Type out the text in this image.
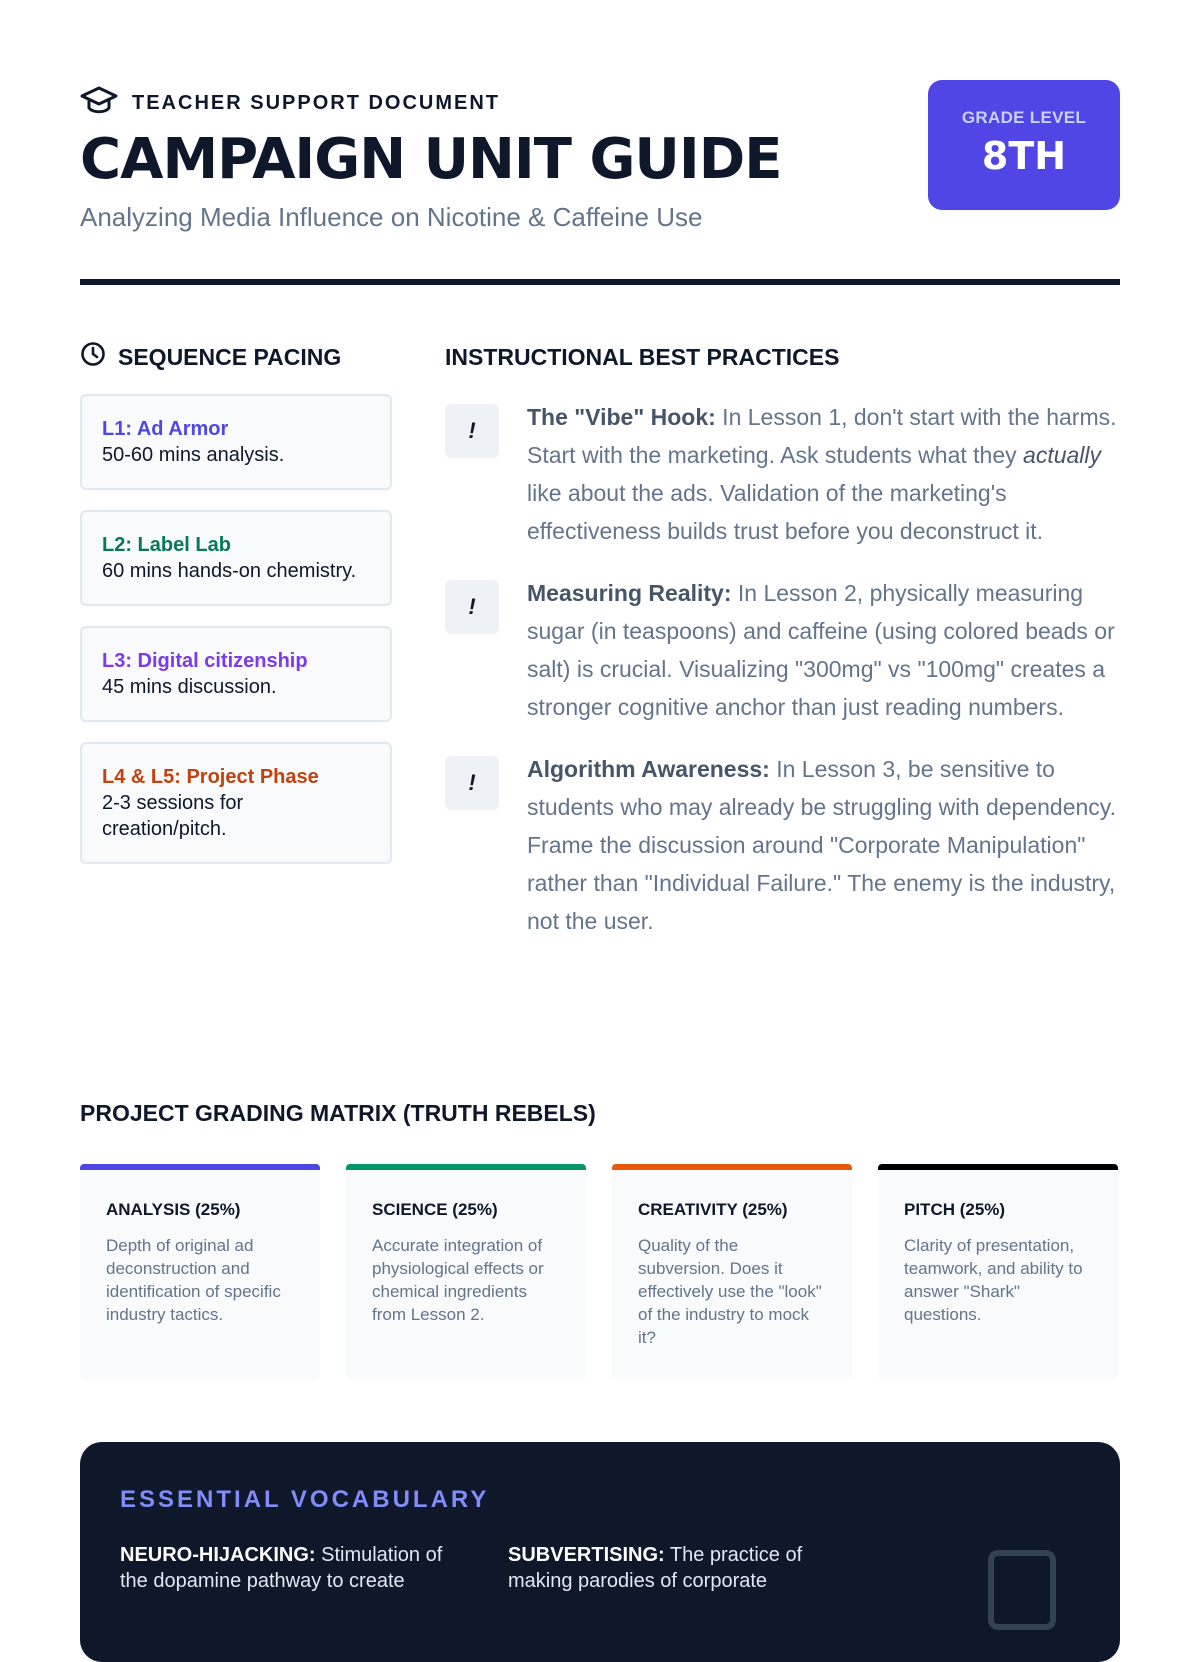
TEACHER SUPPORT DOCUMENT
CAMPAIGN UNIT GUIDE
Analyzing Media Influence on Nicotine & Caffeine Use
GRADE LEVEL
8TH
SEQUENCE PACING
L1: Ad Armor
50-60 mins analysis.
L2: Label Lab
60 mins hands-on chemistry.
L3: Digital citizenship
45 mins discussion.
L4 & L5: Project Phase
2-3 sessions for creation/pitch.
INSTRUCTIONAL BEST PRACTICES
!
The "Vibe" Hook: In Lesson 1, don't start with the harms. Start with the marketing. Ask students what they actually like about the ads. Validation of the marketing's effectiveness builds trust before you deconstruct it.
!
Measuring Reality: In Lesson 2, physically measuring sugar (in teaspoons) and caffeine (using colored beads or salt) is crucial. Visualizing "300mg" vs "100mg" creates a stronger cognitive anchor than just reading numbers.
!
Algorithm Awareness: In Lesson 3, be sensitive to students who may already be struggling with dependency. Frame the discussion around "Corporate Manipulation" rather than "Individual Failure." The enemy is the industry, not the user.
PROJECT GRADING MATRIX (TRUTH REBELS)
ANALYSIS (25%)
Depth of original ad deconstruction and identification of specific industry tactics.
SCIENCE (25%)
Accurate integration of physiological effects or chemical ingredients from Lesson 2.
CREATIVITY (25%)
Quality of the subversion. Does it effectively use the "look" of the industry to mock it?
PITCH (25%)
Clarity of presentation, teamwork, and ability to answer "Shark" questions.
ESSENTIAL VOCABULARY
NEURO-HIJACKING: Stimulation of the dopamine pathway to create
SUBVERTISING: The practice of making parodies of corporate
